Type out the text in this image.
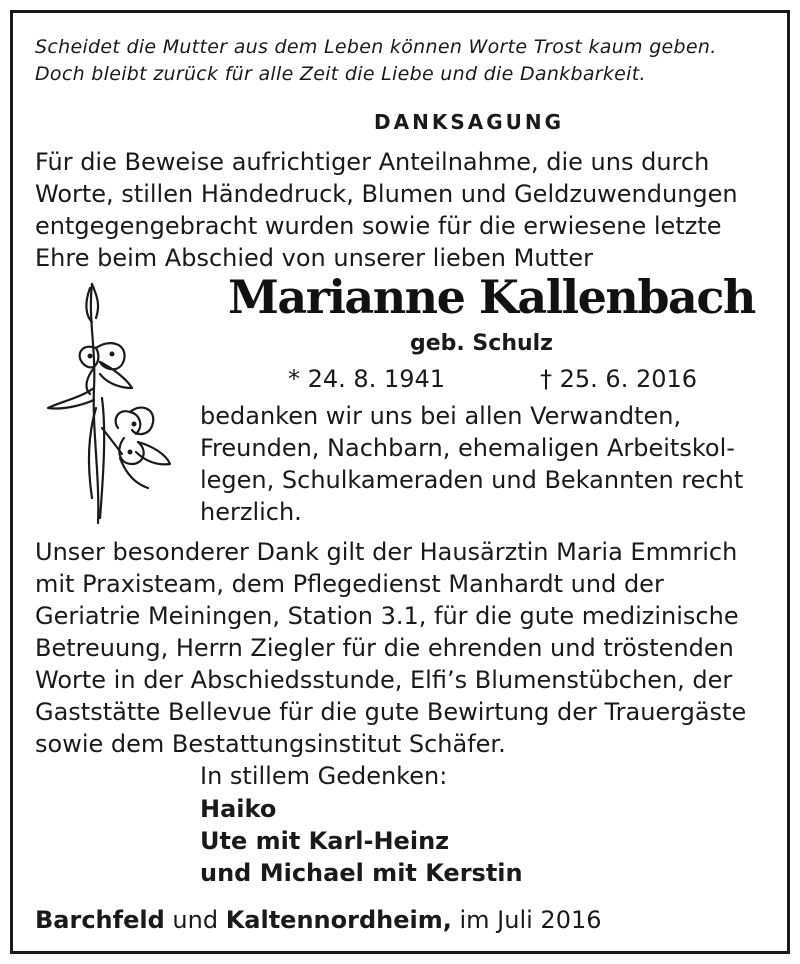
Scheidet die Mutter aus dem Leben können Worte Trost kaum geben.
Doch bleibt zurück für alle Zeit die Liebe und die Dankbarkeit.
DANKSAGUNG
Für die Beweise aufrichtiger Anteilnahme, die uns durch
Worte, stillen Händedruck, Blumen und Geldzuwendungen
entgegengebracht wurden sowie für die erwiesene letzte
Ehre beim Abschied von unserer lieben Mutter
Marianne Kallenbach
geb. Schulz
* 24. 8. 1941	† 25. 6. 2016
bedanken wir uns bei allen Verwandten,
Freunden, Nachbarn, ehemaligen Arbeitskol-
legen, Schulkameraden und Bekannten recht
herzlich.
Unser besonderer Dank gilt der Hausärztin Maria Emmrich
mit Praxisteam, dem Pflegedienst Manhardt und der
Geriatrie Meiningen, Station 3.1, für die gute medizinische
Betreuung, Herrn Ziegler für die ehrenden und tröstenden
Worte in der Abschiedsstunde, Elfi’s Blumenstübchen, der
Gaststätte Bellevue für die gute Bewirtung der Trauergäste
sowie dem Bestattungsinstitut Schäfer.
In stillem Gedenken:
Haiko
Ute mit Karl-Heinz
und Michael mit Kerstin
Barchfeld und Kaltennordheim, im Juli 2016
